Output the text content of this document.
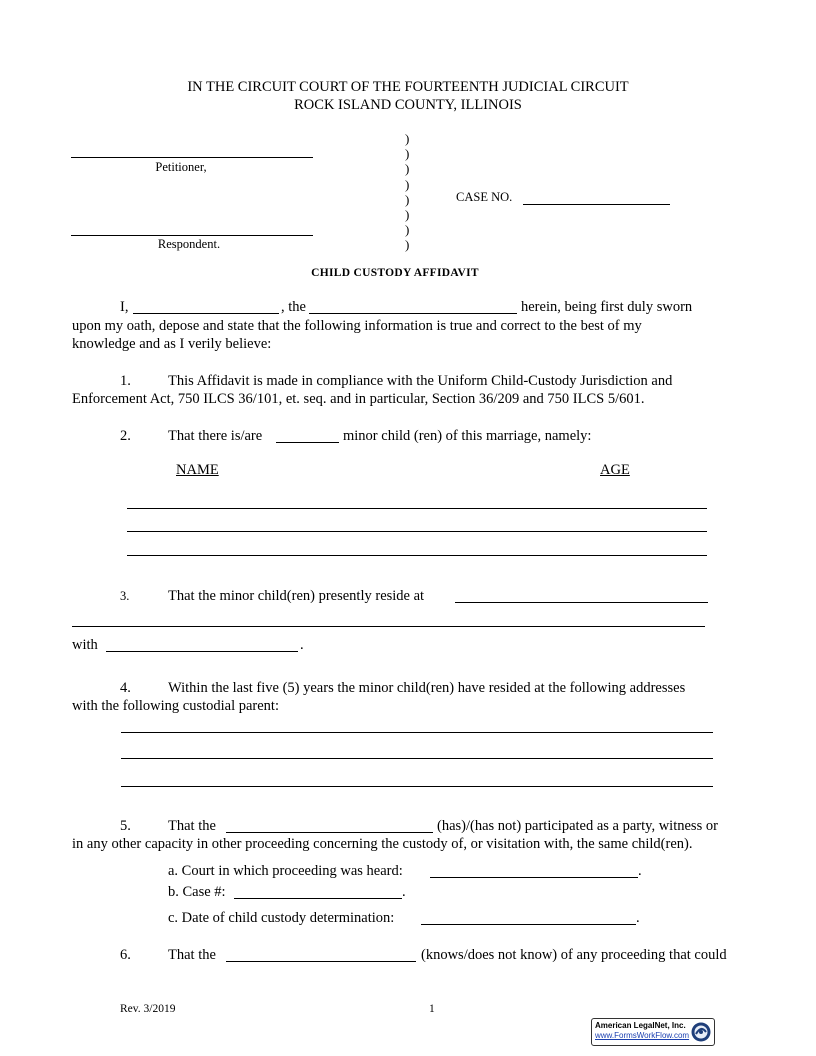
IN THE CIRCUIT COURT OF THE FOURTEENTH JUDICIAL CIRCUIT
ROCK ISLAND COUNTY, ILLINOIS
Petitioner,
Respondent.
)
)
)
)
)
)
)
)
CASE NO.
CHILD CUSTODY AFFIDAVIT
I,	, the	herein, being first duly sworn
upon my oath, depose and state that the following information is true and correct to the best of my
knowledge and as I verily believe:
1.	This Affidavit is made in compliance with the Uniform Child-Custody Jurisdiction and
Enforcement Act, 750 ILCS 36/101, et. seq. and in particular, Section 36/209 and 750 ILCS 5/601.
2.	That there is/are	minor child (ren) of this marriage, namely:
NAME	AGE
3.	That the minor child(ren) presently reside at
with	.
4.	Within the last five (5) years the minor child(ren) have resided at the following addresses
with the following custodial parent:
5.	That the	(has)/(has not) participated as a party, witness or
in any other capacity in other proceeding concerning the custody of, or visitation with, the same child(ren).
a. Court in which proceeding was heard:	.
b. Case #:	.
c. Date of child custody determination:	.
6.	That the	(knows/does not know) of any proceeding that could
Rev. 3/2019	1
American LegalNet, Inc.
www.FormsWorkFlow.com
